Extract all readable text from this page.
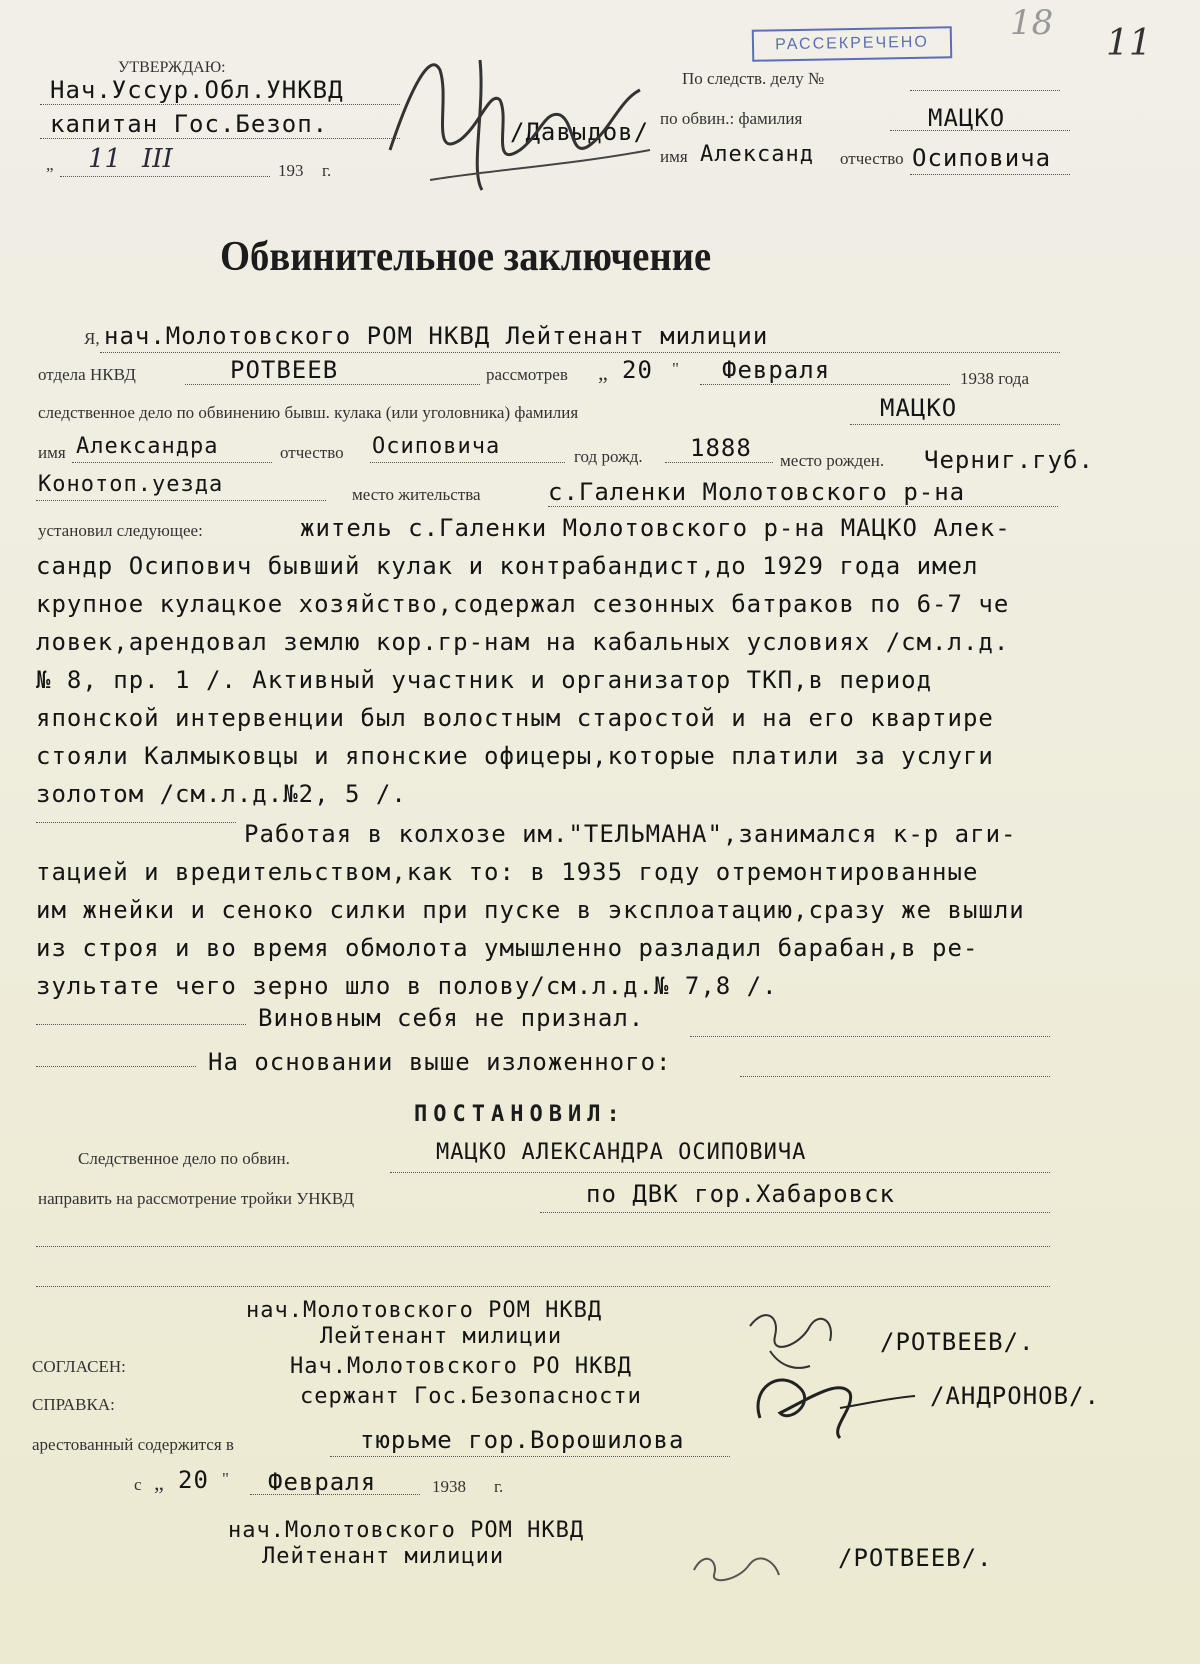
РАССЕКРЕЧЕНО
18 11
УТВЕРЖДАЮ:
Нач.Уссур.Обл.УНКВД
капитан Гос.Безоп.	/Давыдов/
„ 11 ІІІ	193 г.
По следств. делу №
по обвин.: фамилия	МАЦКО
имя Александ отчество Осиповича
Обвинительное заключение
Я, нач.Молотовского РОМ НКВД Лейтенант милиции
отдела НКВД	РОТВЕЕВ	рассмотрев „ 20 " Февраля	1938 года
следственное дело по обвинению бывш. кулака (или уголовника) фамилия	МАЦКО
имя Александра	отчество Осиповича	год рожд. 1888 место рожден. Черниг.губ.
Конотоп.уезда	место жительства	с.Галенки Молотовского р-на
установил следующее:	житель с.Галенки Молотовского р-на МАЦКО Алек-
сандр Осипович бывший кулак и контрабандист,до 1929 года имел
крупное кулацкое хозяйство,содержал сезонных батраков по 6-7 че
ловек,арендовал землю кор.гр-нам на кабальных условиях /см.л.д.
№ 8, пр. 1 /. Активный участник и организатор ТКП,в период
японской интервенции был волостным старостой и на его квартире
стояли Калмыковцы и японские офицеры,которые платили за услуги
золотом /см.л.д.№2, 5 /.
Работая в колхозе им."ТЕЛЬМАНА",занимался к-р аги-
тацией и вредительством,как то: в 1935 году отремонтированные
им жнейки и сеноко силки при пуске в эксплоатацию,сразу же вышли
из строя и во время обмолота умышленно разладил барабан,в ре-
зультате чего зерно шло в полову/см.л.д.№ 7,8 /.
Виновным себя не признал.
На основании выше изложенного:
ПОСТАНОВИЛ:
Следственное дело по обвин.	МАЦКО АЛЕКСАНДРА ОСИПОВИЧА
направить на рассмотрение тройки УНКВД	по ДВК гор.Хабаровск
нач.Молотовского РОМ НКВД
Лейтенант милиции	/РОТВЕЕВ/.
СОГЛАСЕН:	Нач.Молотовского РО НКВД
сержант Гос.Безопасности	/АНДРОНОВ/.
СПРАВКА:
арестованный содержится в	тюрьме гор.Ворошилова
с „ 20 " Февраля	1938 г.
нач.Молотовского РОМ НКВД
Лейтенант милиции	/РОТВЕЕВ/.
